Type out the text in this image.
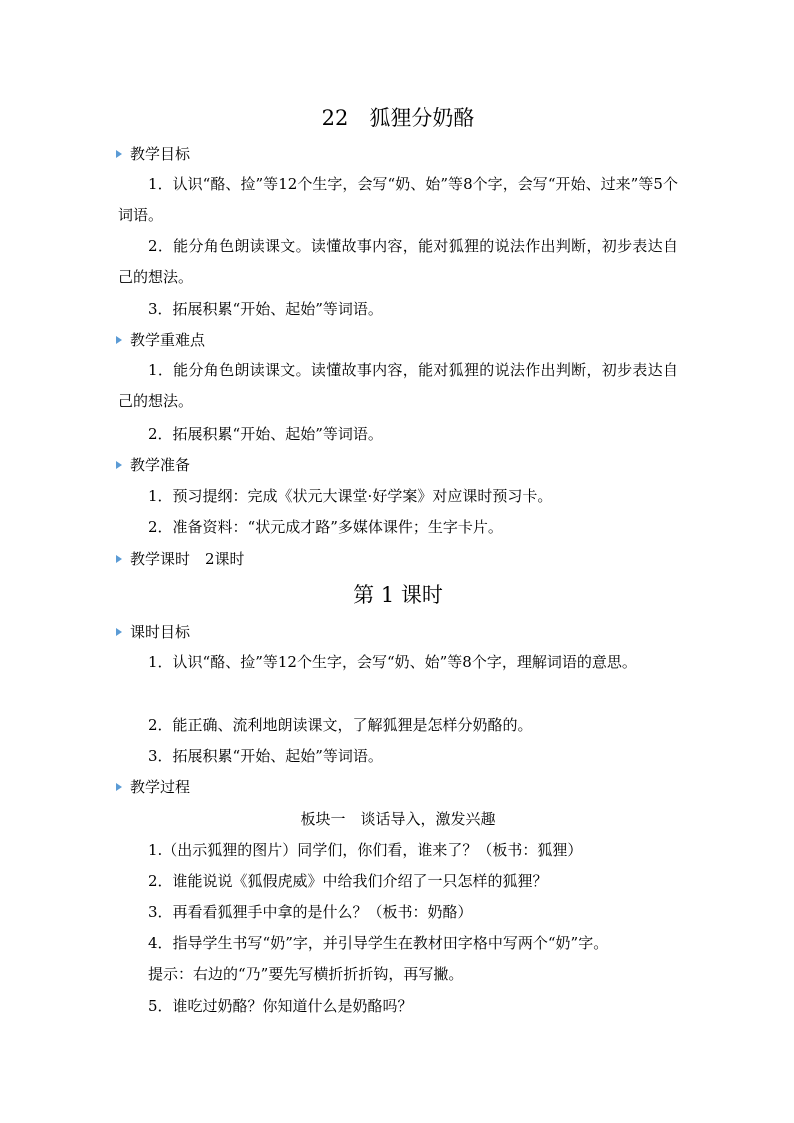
22　狐狸分奶酪
教学目标
1．认识“酪、捡”等12个生字，会写“奶、始”等8个字，会写“开始、过来”等5个词语。
2．能分角色朗读课文。读懂故事内容，能对狐狸的说法作出判断，初步表达自己的想法。
3．拓展积累“开始、起始”等词语。
教学重难点
1．能分角色朗读课文。读懂故事内容，能对狐狸的说法作出判断，初步表达自己的想法。
2．拓展积累“开始、起始”等词语。
教学准备
1．预习提纲：完成《状元大课堂·好学案》对应课时预习卡。
2．准备资料：“状元成才路”多媒体课件；生字卡片。
教学课时　2课时
第 1 课时
课时目标
1．认识“酪、捡”等12个生字，会写“奶、始”等8个字，理解词语的意思。
2．能正确、流利地朗读课文，了解狐狸是怎样分奶酪的。
3．拓展积累“开始、起始”等词语。
教学过程
板块一　谈话导入，激发兴趣
1.（出示狐狸的图片）同学们，你们看，谁来了？（板书：狐狸）
2．谁能说说《狐假虎威》中给我们介绍了一只怎样的狐狸？
3．再看看狐狸手中拿的是什么？（板书：奶酪）
4．指导学生书写“奶”字，并引导学生在教材田字格中写两个“奶”字。
提示：右边的“乃”要先写横折折折钩，再写撇。
5．谁吃过奶酪？你知道什么是奶酪吗？
